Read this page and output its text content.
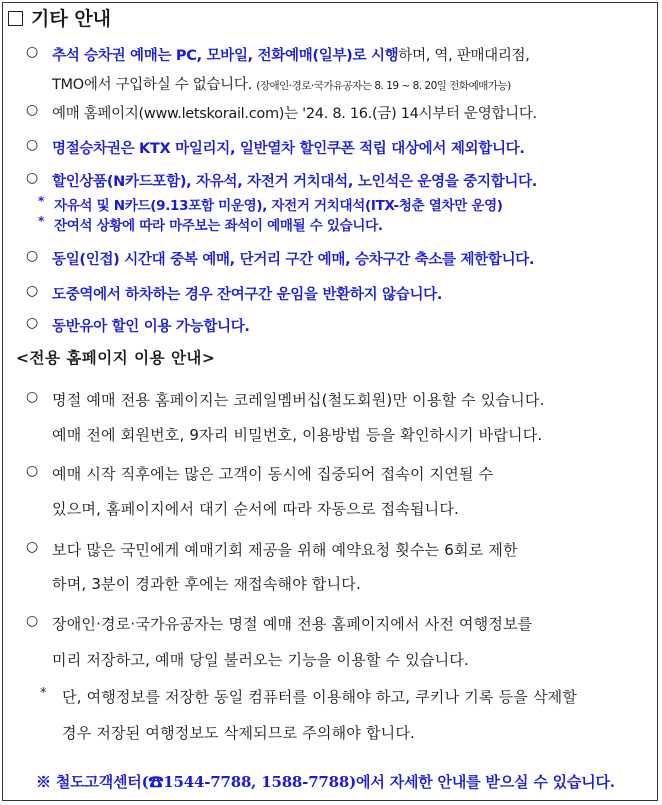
기타 안내
○ 추석 승차권 예매는 PC, 모바일, 전화예매(일부)로 시행하며, 역, 판매대리점,
TMO에서 구입하실 수 없습니다. (장애인·경로·국가유공자는 8. 19 ~ 8. 20일 전화예매가능)
○ 예매 홈페이지(www.letskorail.com)는 '24. 8. 16.(금) 14시부터 운영합니다.
○ 명절승차권은 KTX 마일리지, 일반열차 할인쿠폰 적립 대상에서 제외합니다.
○ 할인상품(N카드포함), 자유석, 자전거 거치대석, 노인석은 운영을 중지합니다.
* 자유석 및 N카드(9.13포함 미운영), 자전거 거치대석(ITX-청춘 열차만 운영)
* 잔여석 상황에 따라 마주보는 좌석이 예매될 수 있습니다.
○ 동일(인접) 시간대 중복 예매, 단거리 구간 예매, 승차구간 축소를 제한합니다.
○ 도중역에서 하차하는 경우 잔여구간 운임을 반환하지 않습니다.
○ 동반유아 할인 이용 가능합니다.
<전용 홈페이지 이용 안내>
○ 명절 예매 전용 홈페이지는 코레일멤버십(철도회원)만 이용할 수 있습니다.
예매 전에 회원번호, 9자리 비밀번호, 이용방법 등을 확인하시기 바랍니다.
○ 예매 시작 직후에는 많은 고객이 동시에 집중되어 접속이 지연될 수
있으며, 홈페이지에서 대기 순서에 따라 자동으로 접속됩니다.
○ 보다 많은 국민에게 예매기회 제공을 위해 예약요청 횟수는 6회로 제한
하며, 3분이 경과한 후에는 재접속해야 합니다.
○ 장애인·경로·국가유공자는 명절 예매 전용 홈페이지에서 사전 여행정보를
미리 저장하고, 예매 당일 불러오는 기능을 이용할 수 있습니다.
* 단, 여행정보를 저장한 동일 컴퓨터를 이용해야 하고, 쿠키나 기록 등을 삭제할
경우 저장된 여행정보도 삭제되므로 주의해야 합니다.
※ 철도고객센터(☎1544-7788, 1588-7788)에서 자세한 안내를 받으실 수 있습니다.
